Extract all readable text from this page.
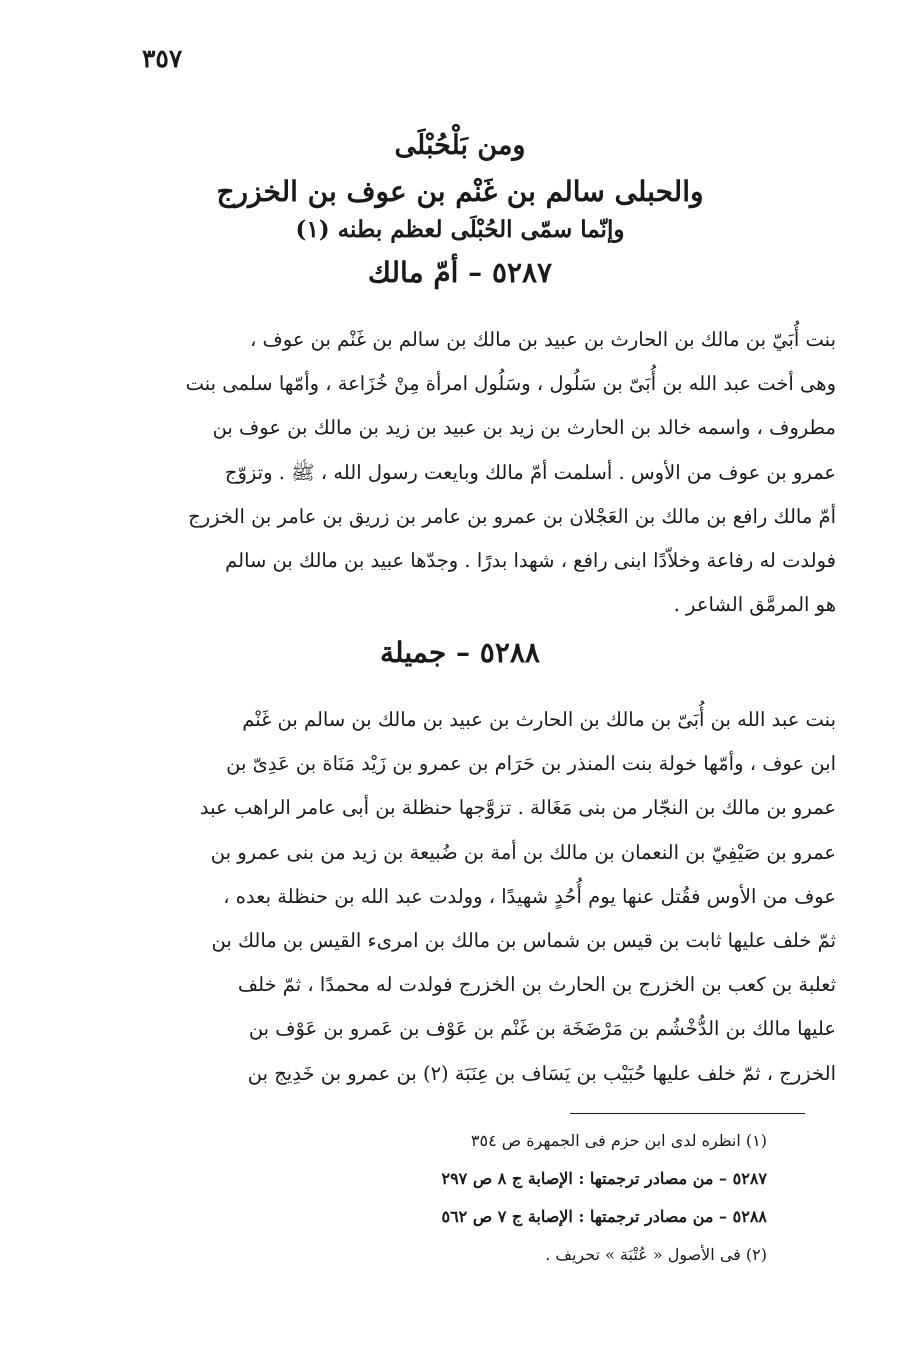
٣٥٧
ومن بَلْحُبْلَى
والحبلى سالم بن غَنْم بن عوف بن الخزرج
وإنّما سمّى الحُبْلَى لعظم بطنه (١)
٥٢٨٧ – أمّ مالك
بنت أُبَيّ بن مالك بن الحارث بن عبيد بن مالك بن سالم بن غَنْم بن عوف ،
وهى أخت عبد الله بن أُبَىّ بن سَلُول ، وسَلُول امرأة مِنْ خُزَاعة ، وأمّها سلمى بنت
مطروف ، واسمه خالد بن الحارث بن زيد بن عبيد بن زيد بن مالك بن عوف بن
عمرو بن عوف من الأوس . أسلمت أمّ مالك وبايعت رسول الله ، ﷺ . وتزوّج
أمّ مالك رافع بن مالك بن العَجْلان بن عمرو بن عامر بن زريق بن عامر بن الخزرج
فولدت له رفاعة وخلاّدًا ابنى رافع ، شهدا بدرًا . وجدّها عبيد بن مالك بن سالم
هو المرمَّق الشاعر .
٥٢٨٨ – جميلة
بنت عبد الله بن أُبَىّ بن مالك بن الحارث بن عبيد بن مالك بن سالم بن غَنْم
ابن عوف ، وأمّها خولة بنت المنذر بن حَرَام بن عمرو بن زَيْد مَنَاة بن عَدِىّ بن
عمرو بن مالك بن النجّار من بنى مَغَالة . تزوَّجها حنظلة بن أبى عامر الراهب عبد
عمرو بن صَيْفِيّ بن النعمان بن مالك بن أمة بن ضُبيعة بن زيد من بنى عمرو بن
عوف من الأوس فقُتل عنها يوم أُحُدٍ شهيدًا ، وولدت عبد الله بن حنظلة بعده ،
ثمّ خلف عليها ثابت بن قيس بن شماس بن مالك بن امرىء القيس بن مالك بن
ثعلبة بن كعب بن الخزرج بن الحارث بن الخزرج فولدت له محمدًا ، ثمّ خلف
عليها مالك بن الدُّخْشُم بن مَرْضَخَة بن غَنْم بن عَوْف بن عَمرو بن عَوْف بن
الخزرج ، ثمّ خلف عليها حُبَيْب بن يَسَاف بن عِنَبَة (٢) بن عمرو بن خَدِيج بن
(١) انظره لدى ابن حزم فى الجمهرة ص ٣٥٤
٥٢٨٧ – من مصادر ترجمتها : الإصابة ج ٨ ص ٢٩٧
٥٢٨٨ – من مصادر ترجمتها : الإصابة ج ٧ ص ٥٦٢
(٢) فى الأصول « عُتْبَة » تحريف .
